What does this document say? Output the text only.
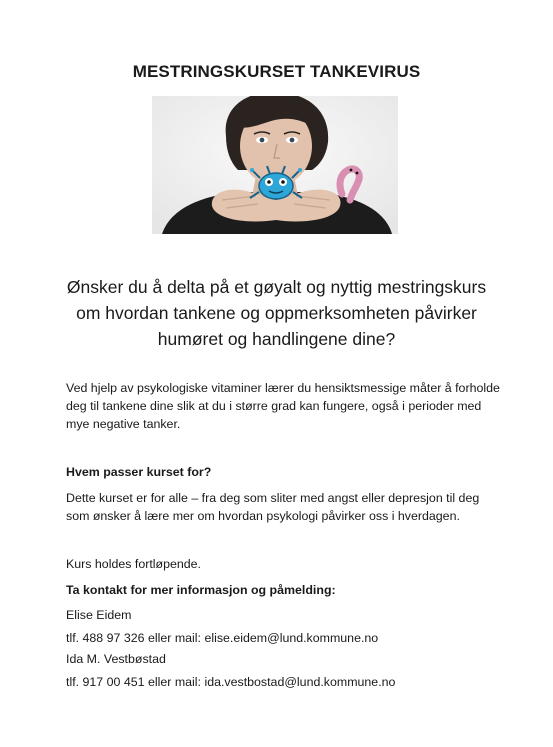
MESTRINGSKURSET TANKEVIRUS
Ønsker du å delta på et gøyalt og nyttig mestringskurs
om hvordan tankene og oppmerksomheten påvirker
humøret og handlingene dine?
Ved hjelp av psykologiske vitaminer lærer du hensiktsmessige måter å forholde
deg til tankene dine slik at du i større grad kan fungere, også i perioder med
mye negative tanker.
Hvem passer kurset for?
Dette kurset er for alle – fra deg som sliter med angst eller depresjon til deg
som ønsker å lære mer om hvordan psykologi påvirker oss i hverdagen.
Kurs holdes fortløpende.
Ta kontakt for mer informasjon og påmelding:
Elise Eidem
tlf. 488 97 326 eller mail: elise.eidem@lund.kommune.no
Ida M. Vestbøstad
tlf. 917 00 451 eller mail: ida.vestbostad@lund.kommune.no
